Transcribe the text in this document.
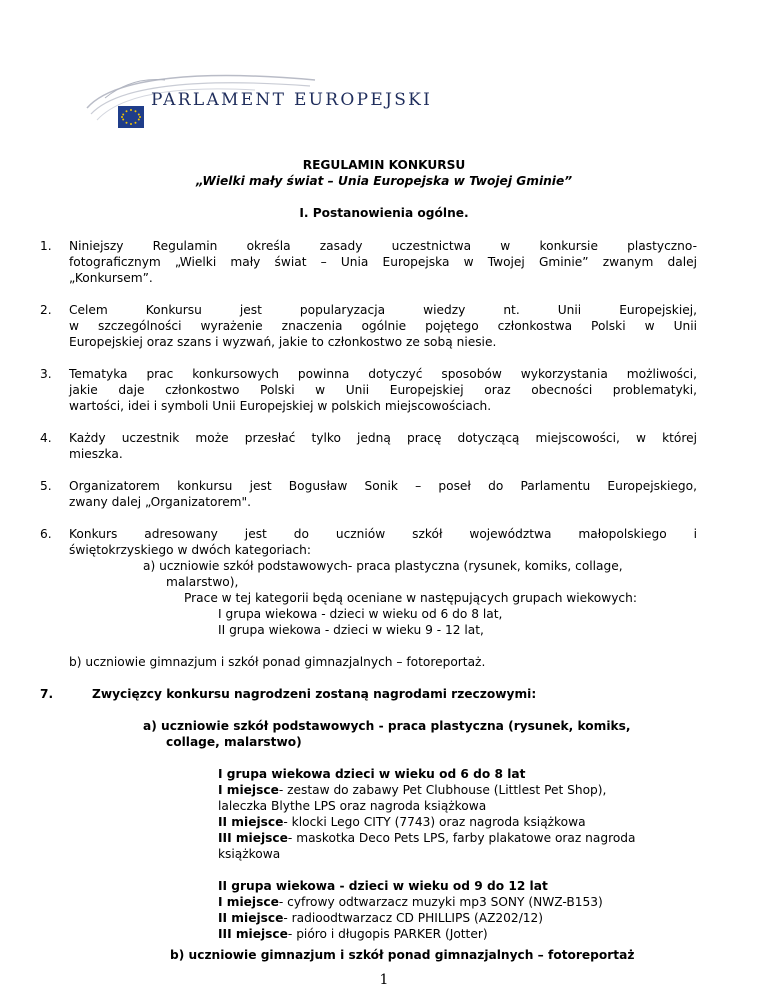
PARLAMENT EUROPEJSKI
REGULAMIN KONKURSU
„Wielki mały świat – Unia Europejska w Twojej Gminie”
I. Postanowienia ogólne.
1. Niniejszy Regulamin określa zasady uczestnictwa w konkursie plastyczno-
fotograficznym „Wielki mały świat – Unia Europejska w Twojej Gminie” zwanym dalej
„Konkursem”.
2. Celem Konkursu jest popularyzacja wiedzy nt. Unii Europejskiej,
w szczególności wyrażenie znaczenia ogólnie pojętego członkostwa Polski w Unii
Europejskiej oraz szans i wyzwań, jakie to członkostwo ze sobą niesie.
3. Tematyka prac konkursowych powinna dotyczyć sposobów wykorzystania możliwości,
jakie daje członkostwo Polski w Unii Europejskiej oraz obecności problematyki,
wartości, idei i symboli Unii Europejskiej w polskich miejscowościach.
4. Każdy uczestnik może przesłać tylko jedną pracę dotyczącą miejscowości, w której
mieszka.
5. Organizatorem konkursu jest Bogusław Sonik – poseł do Parlamentu Europejskiego,
zwany dalej „Organizatorem".
6. Konkurs adresowany jest do uczniów szkół województwa małopolskiego i
świętokrzyskiego w dwóch kategoriach:
a) uczniowie szkół podstawowych- praca plastyczna (rysunek, komiks, collage,
malarstwo),
Prace w tej kategorii będą oceniane w następujących grupach wiekowych:
I grupa wiekowa - dzieci w wieku od 6 do 8 lat,
II grupa wiekowa - dzieci w wieku 9 - 12 lat,
b) uczniowie gimnazjum i szkół ponad gimnazjalnych – fotoreportaż.
7.	Zwycięzcy konkursu nagrodzeni zostaną nagrodami rzeczowymi:
a) uczniowie szkół podstawowych - praca plastyczna (rysunek, komiks,
collage, malarstwo)
I grupa wiekowa dzieci w wieku od 6 do 8 lat
I miejsce- zestaw do zabawy Pet Clubhouse (Littlest Pet Shop),
laleczka Blythe LPS oraz nagroda książkowa
II miejsce- klocki Lego CITY (7743) oraz nagroda książkowa
III miejsce- maskotka Deco Pets LPS, farby plakatowe oraz nagroda
książkowa
II grupa wiekowa - dzieci w wieku od 9 do 12 lat
I miejsce- cyfrowy odtwarzacz muzyki mp3 SONY (NWZ-B153)
II miejsce- radioodtwarzacz CD PHILLIPS (AZ202/12)
III miejsce- pióro i długopis PARKER (Jotter)
b) uczniowie gimnazjum i szkół ponad gimnazjalnych – fotoreportaż
1
